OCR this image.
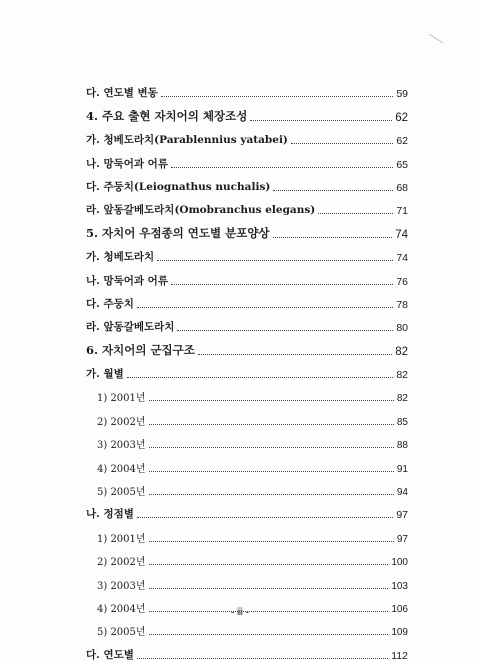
다. 연도별 변동	59
4. 주요 출현 자치어의 체장조성	62
가. 청베도라치(Parablennius yatabei)	62
나. 망둑어과 어류	65
다. 주둥치(Leiognathus nuchalis)	68
라. 앞동갈베도라치(Omobranchus elegans)	71
5. 자치어 우점종의 연도별 분포양상	74
가. 청베도라치	74
나. 망둑어과 어류	76
다. 주둥치	78
라. 앞동갈베도라치	80
6. 자치어의 군집구조	82
가. 월별	82
1) 2001년	82
2) 2002년	85
3) 2003년	88
4) 2004년	91
5) 2005년	94
나. 정점별	97
1) 2001년	97
2) 2002년	100
3) 2003년	103
4) 2004년	106
5) 2005년	109
다. 연도별	112
- ⅲ -
